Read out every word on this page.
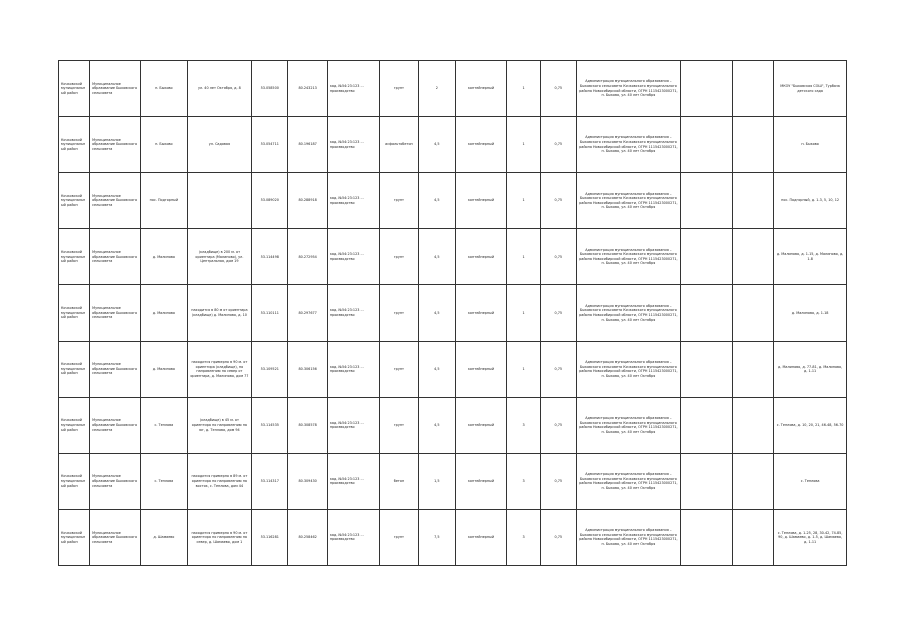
Кочковский муниципальный район	Муниципальное образование Быковского сельсовета	п. Быково	ул. 40 лет Октября, д. 8	53.058500	80.243213	кад. №54:23:123 ... производство	грунт	2	контейнерный	1	0,75	Администрация муниципального образования – Быковского сельсовета Кочковского муниципального района Новосибирской области, ОГРН 1115423000271, п. Быково, ул. 40 лет Октября			МКОУ "Быковская СОШ", Турбаза детского сада
Кочковский муниципальный район	Муниципальное образование Быковского сельсовета	п. Быково	ул. Садовая	53.054711	80.196187	кад. №54:23:123 ... производство	асфальтобетон	4,5	контейнерный	1	0,75	Администрация муниципального образования – Быковского сельсовета Кочковского муниципального района Новосибирской области, ОГРН 1115423000271, п. Быково, ул. 40 лет Октября			п. Быково
Кочковский муниципальный район	Муниципальное образование Быковского сельсовета	пос. Подгорный		53.089020	80.288918	кад. №54:23:123 ... производство	грунт	4,5	контейнерный	1	0,75	Администрация муниципального образования – Быковского сельсовета Кочковского муниципального района Новосибирской области, ОГРН 1115423000271, п. Быково, ул. 40 лет Октября			пос. Подгорный, д. 1-3, 5, 10, 12
Кочковский муниципальный район	Муниципальное образование Быковского сельсовета	д. Малиново	(кладбище) в 200 м. от ориентира (Малиново), ул. Центральная, дом 19	53.114498	80.272954	кад. №54:23:123 ... производство	грунт	4,5	контейнерный	1	0,75	Администрация муниципального образования – Быковского сельсовета Кочковского муниципального района Новосибирской области, ОГРН 1115423000271, п. Быково, ул. 40 лет Октября			д. Малиново, д. 1-15, д. Малиново, д. 1-8
Кочковский муниципальный район	Муниципальное образование Быковского сельсовета	д. Малиново	находится в 80 м от ориентира (кладбище) д. Малиново, д. 10	53.110111	80.297677	кад. №54:23:123 ... производство	грунт	4,5	контейнерный	1	0,75	Администрация муниципального образования – Быковского сельсовета Кочковского муниципального района Новосибирской области, ОГРН 1115423000271, п. Быково, ул. 40 лет Октября			д. Малиново, д. 1-18
Кочковский муниципальный район	Муниципальное образование Быковского сельсовета	д. Малиново	находится примерно в 90 м. от ориентира (кладбище), по направлению на север от ориентира, д. Малиново, дом 77	53.109521	80.306156	кад. №54:23:123 ... производство	грунт	4,5	контейнерный	1	0,75	Администрация муниципального образования – Быковского сельсовета Кочковского муниципального района Новосибирской области, ОГРН 1115423000271, п. Быково, ул. 40 лет Октября			д. Малиново, д. 77-81, д. Малиново, д. 1-11
Кочковский муниципальный район	Муниципальное образование Быковского сельсовета	с. Теплова	(кладбище) в 45 м. от ориентира по направлению на юг, д. Теплова, дом 94	53.114535	80.308578	кад. №54:23:123 ... производство	грунт	4,5	контейнерный	3	0,75	Администрация муниципального образования – Быковского сельсовета Кочковского муниципального района Новосибирской области, ОГРН 1115423000271, п. Быково, ул. 40 лет Октября			с. Теплова, д. 10, 20, 21, 46-48, 56-70
Кочковский муниципальный район	Муниципальное образование Быковского сельсовета	с. Теплова	находится примерно в 89 м. от ориентира по направлению на восток, с. Теплова, дом 44	53.114317	80.309430	кад. №54:23:123 ... производство	бетон	1,5	контейнерный	3	0,75	Администрация муниципального образования – Быковского сельсовета Кочковского муниципального района Новосибирской области, ОГРН 1115423000271, п. Быково, ул. 40 лет Октября			с. Теплова
Кочковский муниципальный район	Муниципальное образование Быковского сельсовета	д. Шамаево	находится примерно в 90 м. от ориентира по направлению на север, д. Шамаево, дом 1	53.116281	80.258462	кад. №54:23:123 ... производство	грунт	7,5	контейнерный	3	0,75	Администрация муниципального образования – Быковского сельсовета Кочковского муниципального района Новосибирской области, ОГРН 1115423000271, п. Быково, ул. 40 лет Октября			с. Теплова, д. 1-25, 28, 30-42, 74-85, 90, д. Шамаево, д. 1-5, д. Шамаево, д. 1-11
